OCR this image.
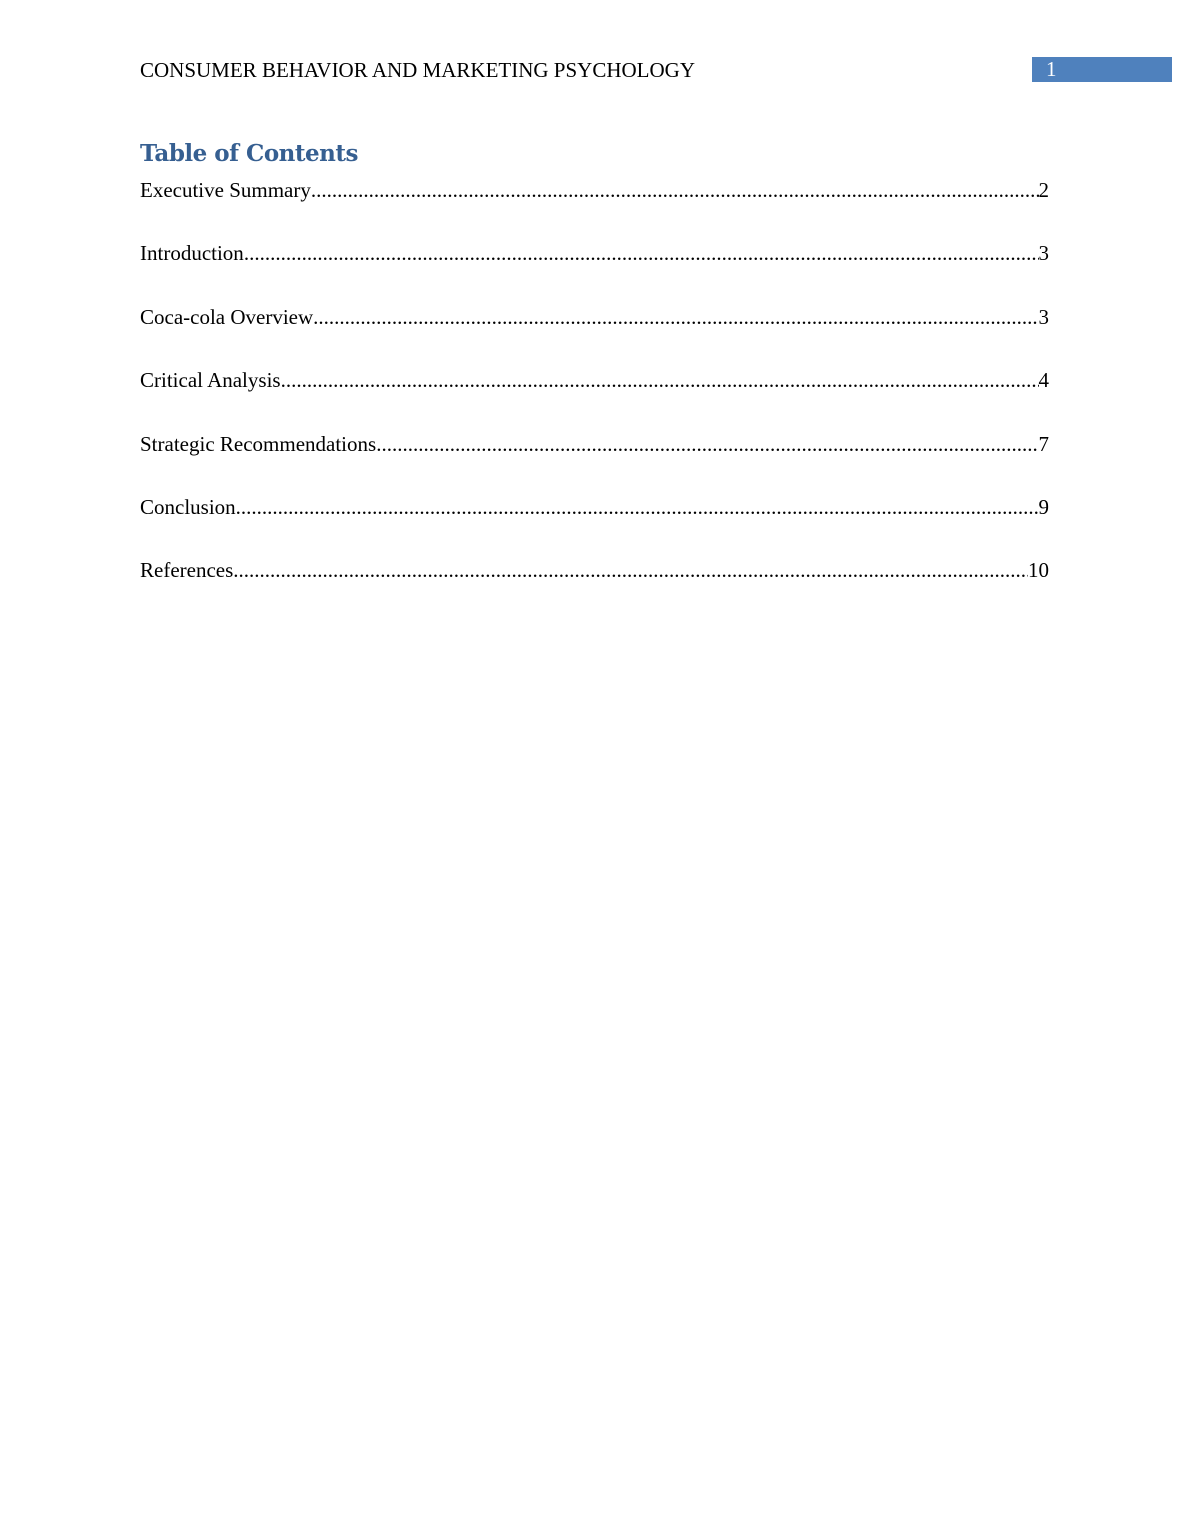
CONSUMER BEHAVIOR AND MARKETING PSYCHOLOGY	1
Table of Contents
Executive Summary .....	2
Introduction .....	3
Coca-cola Overview .....	3
Critical Analysis .....	4
Strategic Recommendations .....	7
Conclusion .....	9
References .....	10
